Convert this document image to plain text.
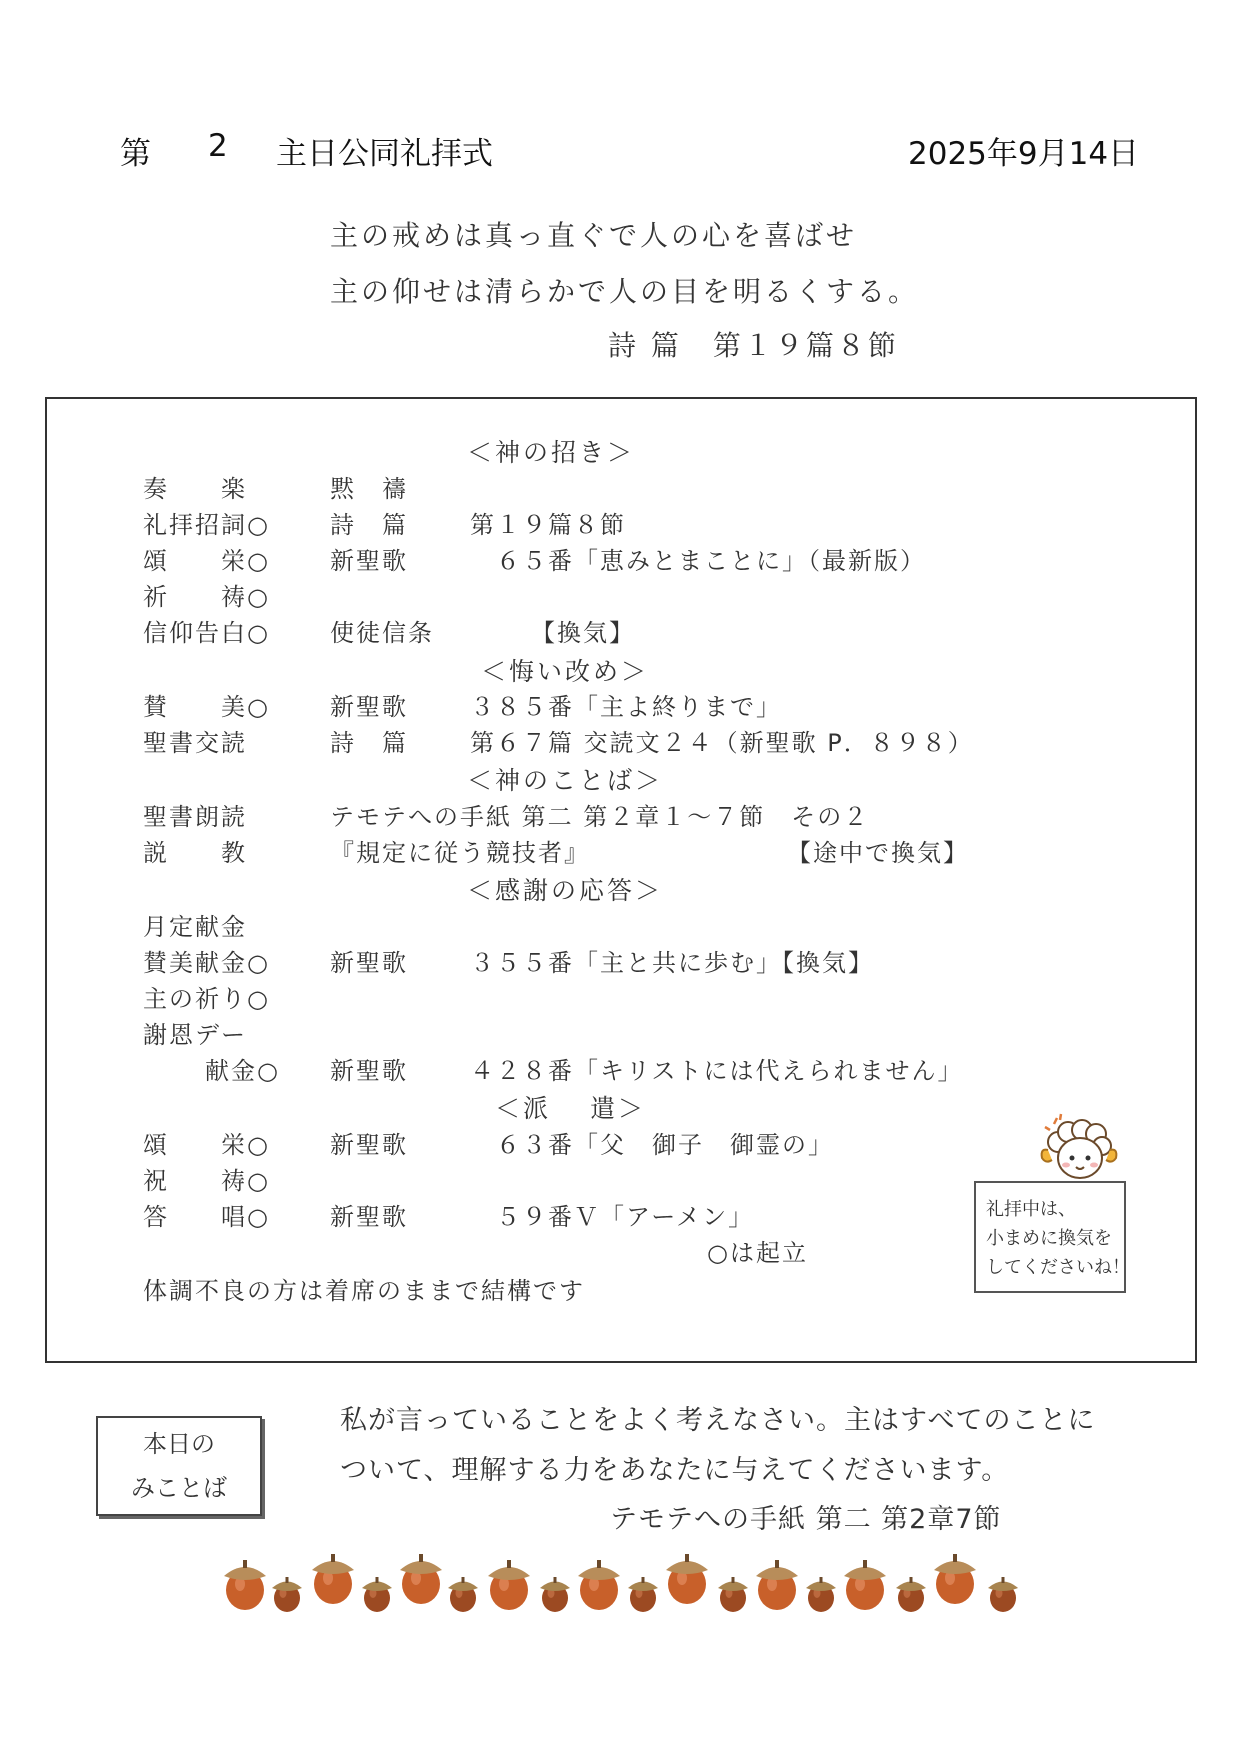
第 2 主日公同礼拝式	2025年9月14日
主の戒めは真っ直ぐで人の心を喜ばせ
主の仰せは清らかで人の目を明るくする。
詩 篇　第１９篇８節
＜神の招き＞
奏　　楽	黙　禱
礼拝招詞○	詩　篇	第１９篇８節
頌　　栄○	新聖歌	　６５番「恵みとまことに」（最新版）
祈　　祷○
信仰告白○	使徒信条	　【換気】
＜悔い改め＞
賛　　美○	新聖歌	３８５番「主よ終りまで」
聖書交読	詩　篇	第６７篇 交読文２４（新聖歌 P．８９８）
＜神のことば＞
聖書朗読	テモテへの手紙 第二 第２章１～７節　その２
説　　教	『規定に従う競技者』	【途中で換気】
＜感謝の応答＞
月定献金
賛美献金○	新聖歌	３５５番「主と共に歩む」【換気】
主の祈り○
謝恩デー
献金○ 新聖歌	４２８番「キリストには代えられません」
＜派　 遣＞
頌　　栄○	新聖歌	　６３番「父　御子　御霊の」
祝　　祷○
答　　唱○	新聖歌	　５９番Ｖ「アーメン」
○は起立
体調不良の方は着席のままで結構です
礼拝中は、
小まめに換気を
してくださいね！
本日の
みことば
私が言っていることをよく考えなさい。主はすべてのことに
ついて、理解する力をあなたに与えてくださいます。
テモテへの手紙 第二 第2章7節
